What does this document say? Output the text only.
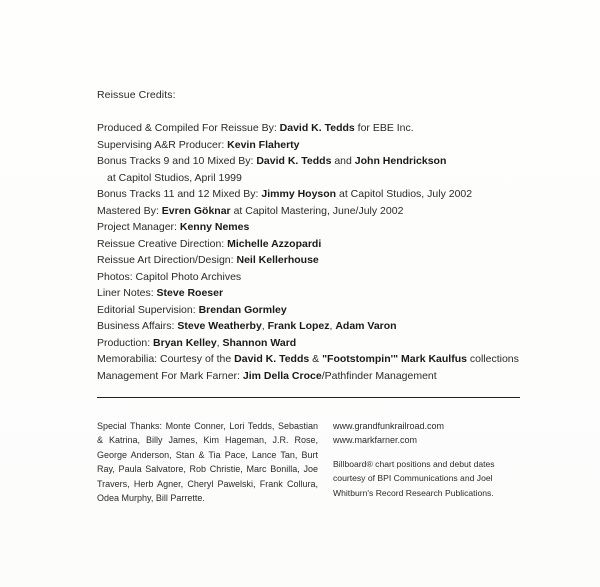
Reissue Credits:
Produced & Compiled For Reissue By: David K. Tedds for EBE Inc.
Supervising A&R Producer: Kevin Flaherty
Bonus Tracks 9 and 10 Mixed By: David K. Tedds and John Hendrickson
at Capitol Studios, April 1999
Bonus Tracks 11 and 12 Mixed By: Jimmy Hoyson at Capitol Studios, July 2002
Mastered By: Evren Göknar at Capitol Mastering, June/July 2002
Project Manager: Kenny Nemes
Reissue Creative Direction: Michelle Azzopardi
Reissue Art Direction/Design: Neil Kellerhouse
Photos: Capitol Photo Archives
Liner Notes: Steve Roeser
Editorial Supervision: Brendan Gormley
Business Affairs: Steve Weatherby, Frank Lopez, Adam Varon
Production: Bryan Kelley, Shannon Ward
Memorabilia: Courtesy of the David K. Tedds & "Footstompin'" Mark Kaulfus collections
Management For Mark Farner: Jim Della Croce/Pathfinder Management
Special Thanks: Monte Conner, Lori Tedds, Sebastian & Katrina, Billy James, Kim Hageman, J.R. Rose, George Anderson, Stan & Tia Pace, Lance Tan, Burt Ray, Paula Salvatore, Rob Christie, Marc Bonilla, Joe Travers, Herb Agner, Cheryl Pawelski, Frank Collura, Odea Murphy, Bill Parrette.
www.grandfunkrailroad.com
www.markfarner.com
Billboard® chart positions and debut dates courtesy of BPI Communications and Joel Whitburn's Record Research Publications.
